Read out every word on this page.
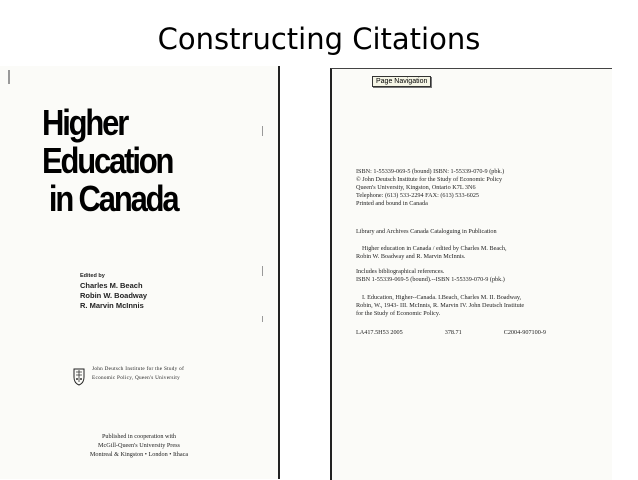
Constructing Citations
Higher
Education
in Canada
Edited by
Charles M. Beach
Robin W. Boadway
R. Marvin McInnis
John Deutsch Institute for the Study of
Economic Policy, Queen's University
Published in cooperation with
McGill-Queen's University Press
Montreal & Kingston • London • Ithaca
Page Navigation
ISBN: 1-55339-069-5 (bound) ISBN: 1-55339-070-9 (pbk.)
© John Deutsch Institute for the Study of Economic Policy
Queen's University, Kingston, Ontario K7L 3N6
Telephone: (613) 533-2294 FAX: (613) 533-6025
Printed and bound in Canada
Library and Archives Canada Cataloguing in Publication
Higher education in Canada / edited by Charles M. Beach,
Robin W. Boadway and R. Marvin McInnis.
Includes bibliographical references.
ISBN 1-55339-069-5 (bound).--ISBN 1-55339-070-9 (pbk.)
I. Education, Higher--Canada. I.Beach, Charles M. II. Boadway,
Robin, W., 1943- III. McInnis, R. Marvin IV. John Deutsch Institute
for the Study of Economic Policy.
LA417.5H53 2005	378.71	C2004-907100-9
